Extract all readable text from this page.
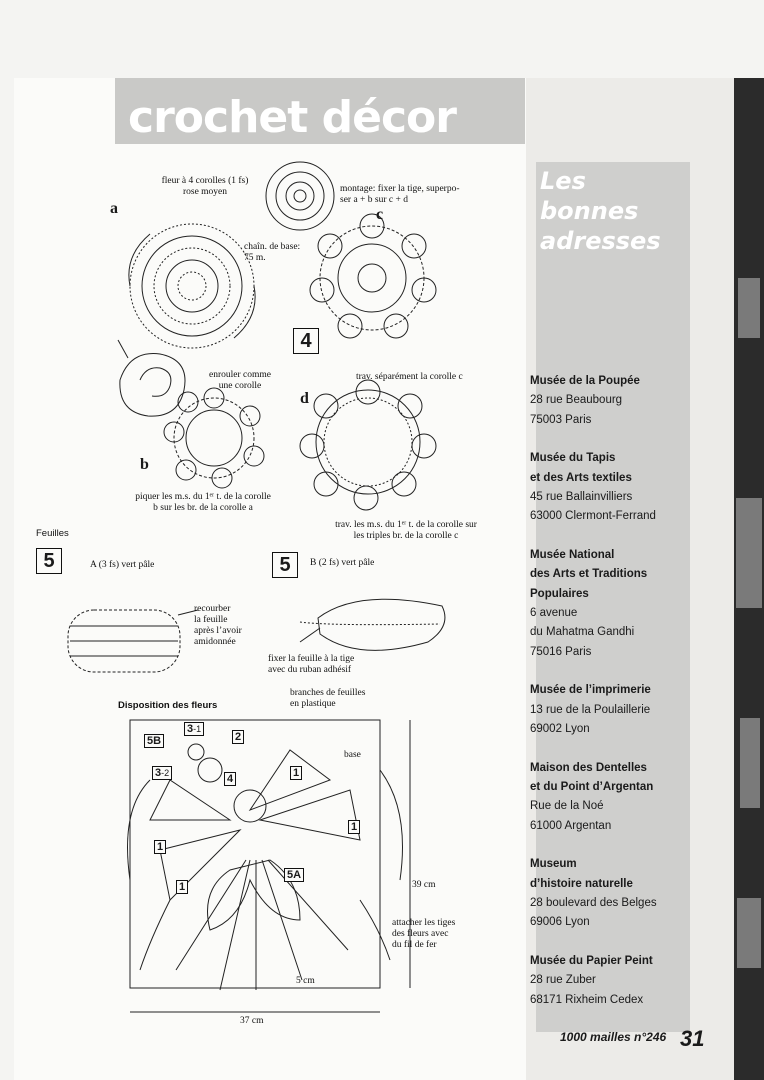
crochet décor
Les
bonnes
adresses
Musée de la Poupée
28 rue Beaubourg
75003 Paris
Musée du Tapis
et des Arts textiles
45 rue Ballainvilliers
63000 Clermont-Ferrand
Musée National
des Arts et Traditions
Populaires
6 avenue
du Mahatma Gandhi
75016 Paris
Musée de l’imprimerie
13 rue de la Poulaillerie
69002 Lyon
Maison des Dentelles
et du Point d’Argentan
Rue de la Noé
61000 Argentan
Museum
d’histoire naturelle
28 boulevard des Belges
69006 Lyon
Musée du Papier Peint
28 rue Zuber
68171 Rixheim Cedex
a	c
b
d
fleur à 4 corolles (1 fs)
rose moyen
chaîn. de base:
75 m.
montage: fixer la tige, superpo-
ser a + b sur c + d
4
enrouler comme
une corolle
trav. séparément la corolle c
piquer les m.s. du 1ᵉʳ t. de la corolle
b sur les br. de la corolle a
trav. les m.s. du 1ᵉʳ t. de la corolle sur
les triples br. de la corolle c
Feuilles
5	A (3 fs) vert pâle	5	B (2 fs) vert pâle
recourber
la feuille
après l’avoir
amidonnée
fixer la feuille à la tige
avec du ruban adhésif
Disposition des fleurs
branches de feuilles
en plastique
base
attacher les tiges
des fleurs avec
du fil de fer
39 cm
37 cm
5 cm
5B
5A
3-1
3-2
2
4	1
1
1
1
1000 mailles n°246 31
